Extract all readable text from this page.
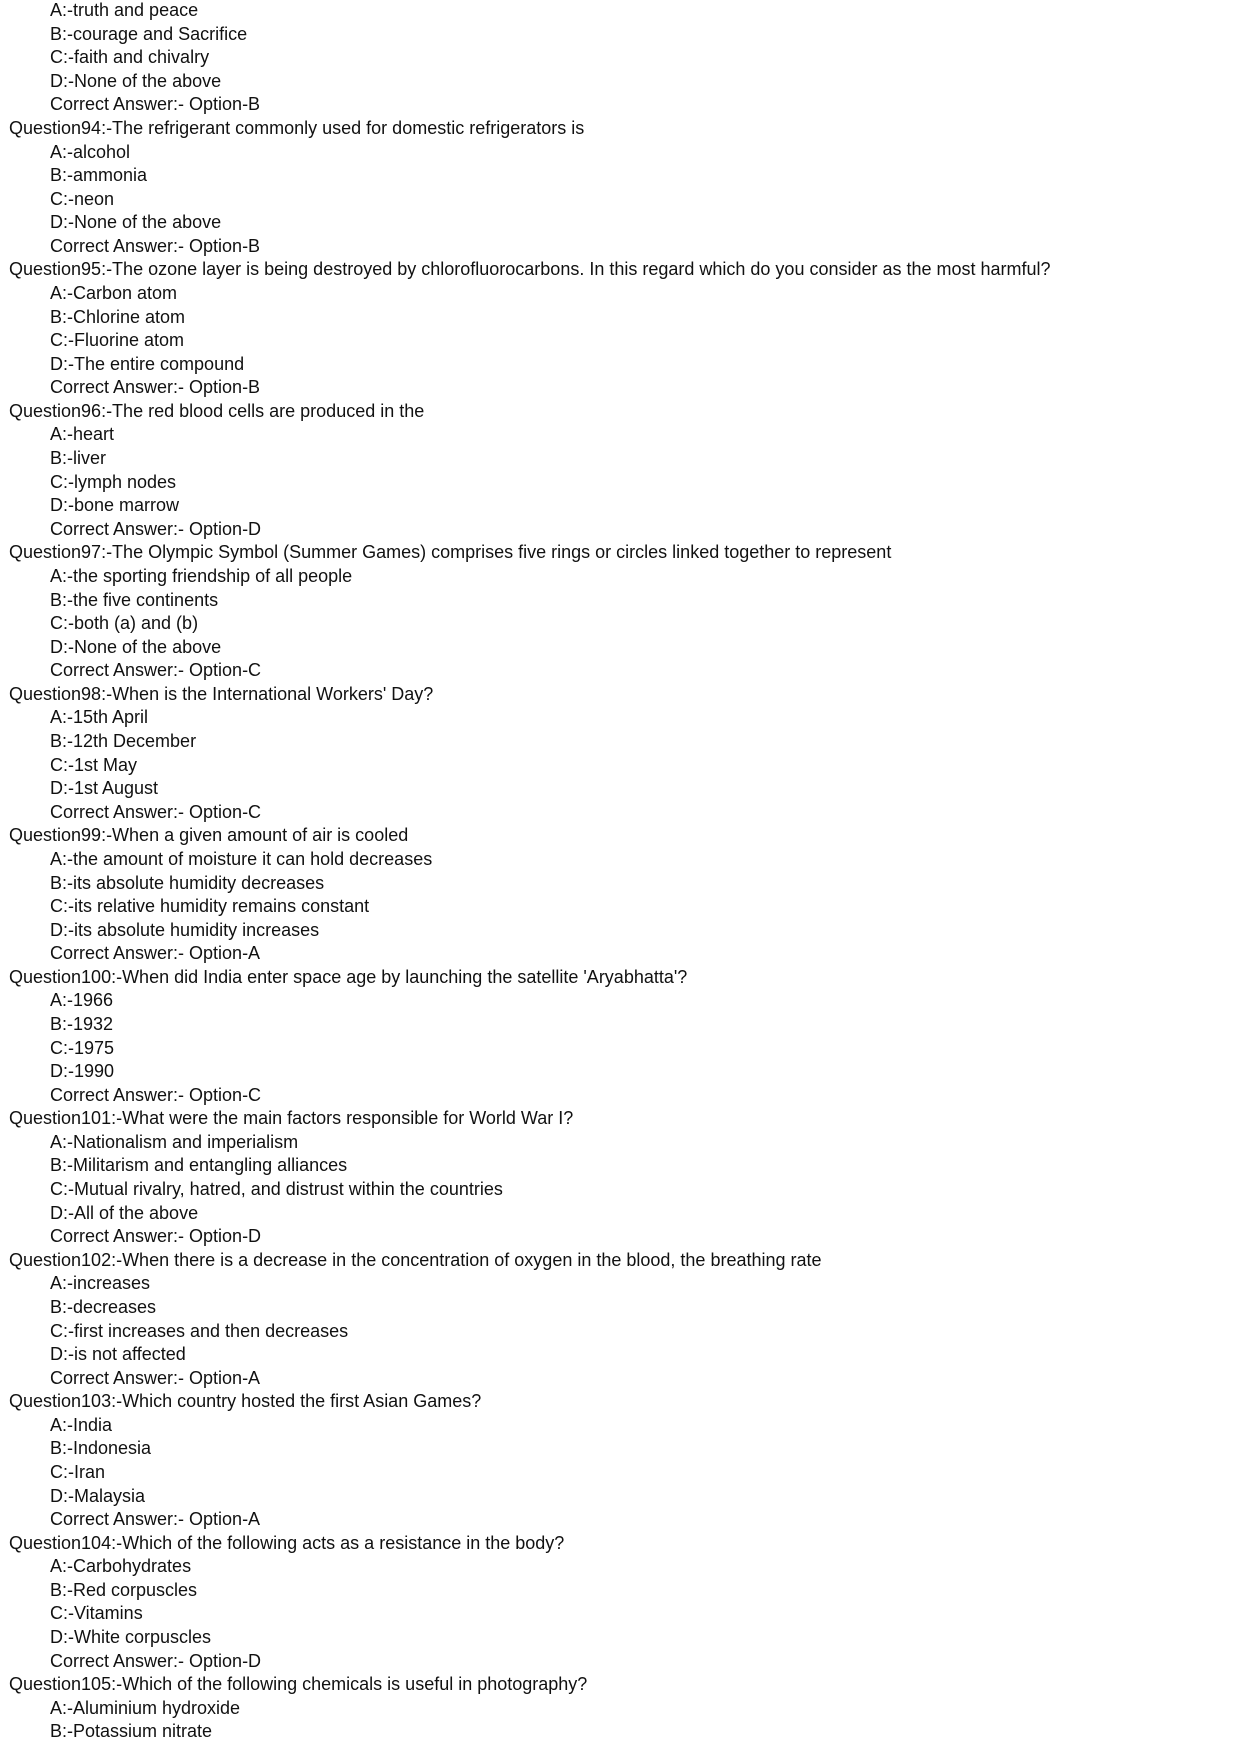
A:-truth and peace
B:-courage and Sacrifice
C:-faith and chivalry
D:-None of the above
Correct Answer:- Option-B
Question94:-The refrigerant commonly used for domestic refrigerators is
A:-alcohol
B:-ammonia
C:-neon
D:-None of the above
Correct Answer:- Option-B
Question95:-The ozone layer is being destroyed by chlorofluorocarbons. In this regard which do you consider as the most harmful?
A:-Carbon atom
B:-Chlorine atom
C:-Fluorine atom
D:-The entire compound
Correct Answer:- Option-B
Question96:-The red blood cells are produced in the
A:-heart
B:-liver
C:-lymph nodes
D:-bone marrow
Correct Answer:- Option-D
Question97:-The Olympic Symbol (Summer Games) comprises five rings or circles linked together to represent
A:-the sporting friendship of all people
B:-the five continents
C:-both (a) and (b)
D:-None of the above
Correct Answer:- Option-C
Question98:-When is the International Workers' Day?
A:-15th April
B:-12th December
C:-1st May
D:-1st August
Correct Answer:- Option-C
Question99:-When a given amount of air is cooled
A:-the amount of moisture it can hold decreases
B:-its absolute humidity decreases
C:-its relative humidity remains constant
D:-its absolute humidity increases
Correct Answer:- Option-A
Question100:-When did India enter space age by launching the satellite 'Aryabhatta'?
A:-1966
B:-1932
C:-1975
D:-1990
Correct Answer:- Option-C
Question101:-What were the main factors responsible for World War I?
A:-Nationalism and imperialism
B:-Militarism and entangling alliances
C:-Mutual rivalry, hatred, and distrust within the countries
D:-All of the above
Correct Answer:- Option-D
Question102:-When there is a decrease in the concentration of oxygen in the blood, the breathing rate
A:-increases
B:-decreases
C:-first increases and then decreases
D:-is not affected
Correct Answer:- Option-A
Question103:-Which country hosted the first Asian Games?
A:-India
B:-Indonesia
C:-Iran
D:-Malaysia
Correct Answer:- Option-A
Question104:-Which of the following acts as a resistance in the body?
A:-Carbohydrates
B:-Red corpuscles
C:-Vitamins
D:-White corpuscles
Correct Answer:- Option-D
Question105:-Which of the following chemicals is useful in photography?
A:-Aluminium hydroxide
B:-Potassium nitrate
